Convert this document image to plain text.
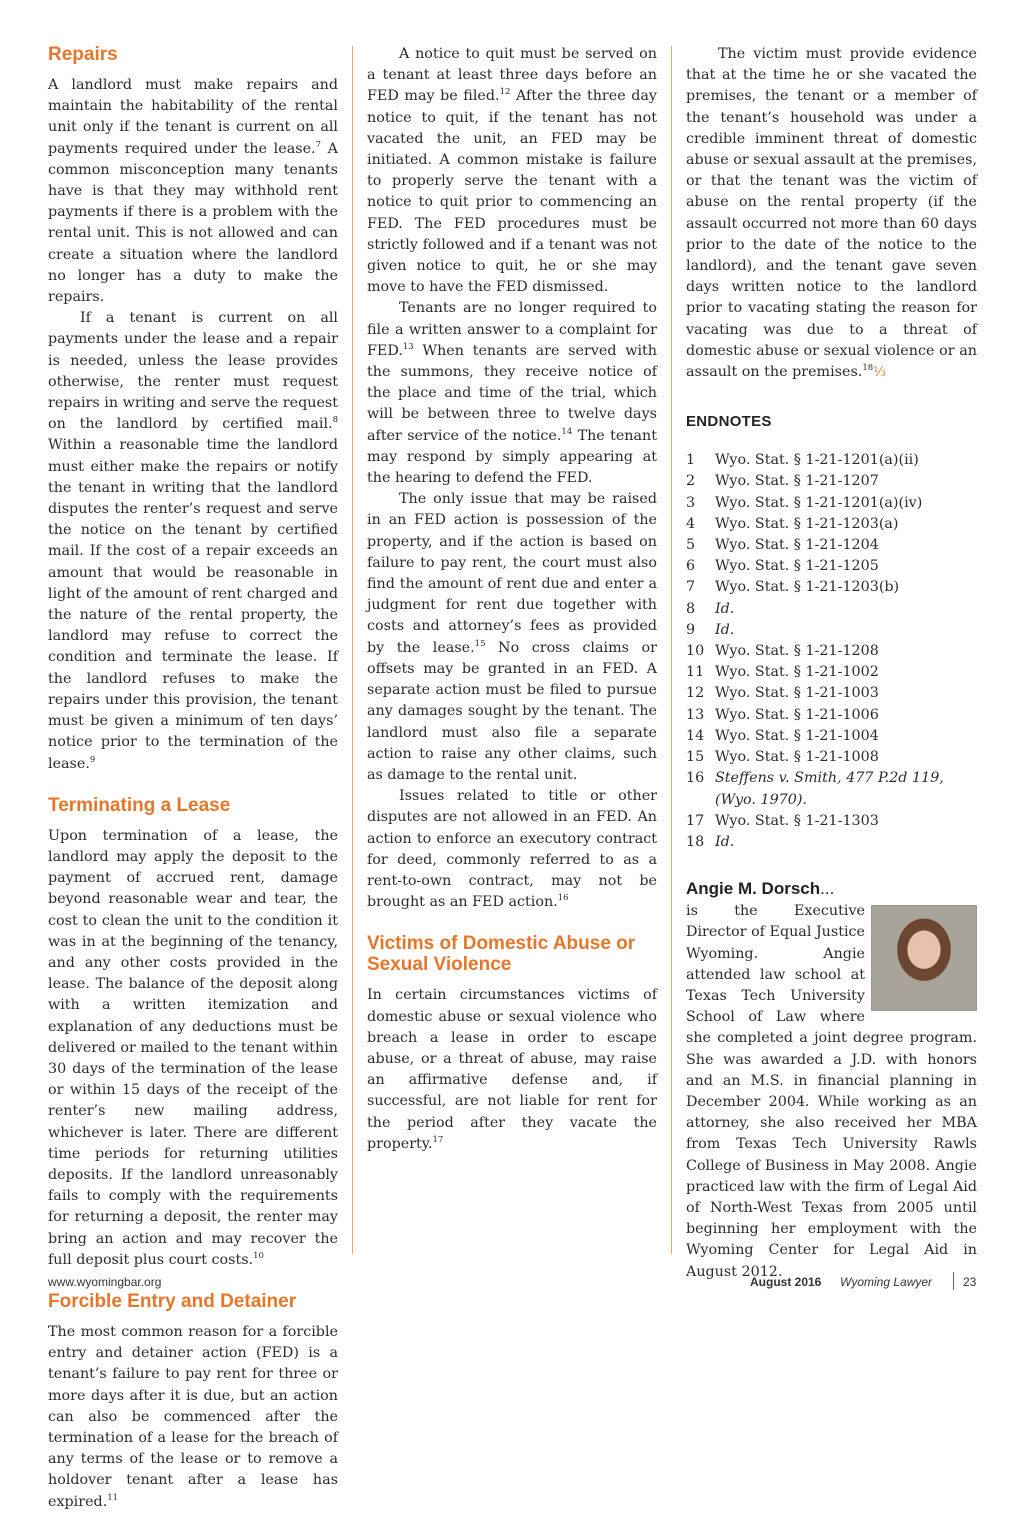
Repairs

A landlord must make repairs and maintain the habitability of the rental unit only if the tenant is current on all payments required under the lease.$^7$ A common misconception many tenants have is that they may withhold rent payments if there is a problem with the rental unit. This is not allowed and can create a situation where the landlord no longer has a duty to make the repairs.

If a tenant is current on all payments under the lease and a repair is needed, unless the lease provides otherwise, the renter must request repairs in writing and serve the request on the landlord by certified mail.$^8$ Within a reasonable time the landlord must either make the repairs or notify the tenant in writing that the landlord disputes the renter’s request and serve the notice on the tenant by certified mail. If the cost of a repair exceeds an amount that would be reasonable in light of the amount of rent charged and the nature of the rental property, the landlord may refuse to correct the condition and terminate the lease. If the landlord refuses to make the repairs under this provision, the tenant must be given a minimum of ten days’ notice prior to the termination of the lease.$^9$

Terminating a Lease

Upon termination of a lease, the landlord may apply the deposit to the payment of accrued rent, damage beyond reasonable wear and tear, the cost to clean the unit to the condition it was in at the beginning of the tenancy, and any other costs provided in the lease. The balance of the deposit along with a written itemization and explanation of any deductions must be delivered or mailed to the tenant within 30 days of the termination of the lease or within 15 days of the receipt of the renter’s new mailing address, whichever is later. There are different time periods for returning utilities deposits. If the landlord unreasonably fails to comply with the requirements for returning a deposit, the renter may bring an action and may recover the full deposit plus court costs.$^{10}$

Forcible Entry and Detainer

The most common reason for a forcible entry and detainer action (FED) is a tenant’s failure to pay rent for three or more days after it is due, but an action can also be commenced after the termination of a lease for the breach of any terms of the lease or to remove a holdover tenant after a lease has expired.$^{11}$

A notice to quit must be served on a tenant at least three days before an FED may be filed.$^{12}$ After the three day notice to quit, if the tenant has not vacated the unit, an FED may be initiated. A common mistake is failure to properly serve the tenant with a notice to quit prior to commencing an FED. The FED procedures must be strictly followed and if a tenant was not given notice to quit, he or she may move to have the FED dismissed.

Tenants are no longer required to file a written answer to a complaint for FED.$^{13}$ When tenants are served with the summons, they receive notice of the place and time of the trial, which will be between three to twelve days after service of the notice.$^{14}$ The tenant may respond by simply appearing at the hearing to defend the FED.

The only issue that may be raised in an FED action is possession of the property, and if the action is based on failure to pay rent, the court must also find the amount of rent due and enter a judgment for rent due together with costs and attorney’s fees as provided by the lease.$^{15}$ No cross claims or offsets may be granted in an FED. A separate action must be filed to pursue any damages sought by the tenant. The landlord must also file a separate action to raise any other claims, such as damage to the rental unit.

Issues related to title or other disputes are not allowed in an FED. An action to enforce an executory contract for deed, commonly referred to as a rent-to-own contract, may not be brought as an FED action.$^{16}$

Victims of Domestic Abuse or Sexual Violence

In certain circumstances victims of domestic abuse or sexual violence who breach a lease in order to escape abuse, or a threat of abuse, may raise an affirmative defense and, if successful, are not liable for rent for the period after they vacate the property.$^{17}$

The victim must provide evidence that at the time he or she vacated the premises, the tenant or a member of the tenant’s household was under a credible imminent threat of domestic abuse or sexual assault at the premises, or that the tenant was the victim of abuse on the rental property (if the assault occurred not more than 60 days prior to the date of the notice to the landlord), and the tenant gave seven days written notice to the landlord prior to vacating stating the reason for vacating was due to a threat of domestic abuse or sexual violence or an assault on the premises.$^{18}$⅓

ENDNOTES
1 Wyo. Stat. § 1-21-1201(a)(ii)
2 Wyo. Stat. § 1-21-1207
3 Wyo. Stat. § 1-21-1201(a)(iv)
4 Wyo. Stat. § 1-21-1203(a)
5 Wyo. Stat. § 1-21-1204
6 Wyo. Stat. § 1-21-1205
7 Wyo. Stat. § 1-21-1203(b)
8 Id.
9 Id.
10 Wyo. Stat. § 1-21-1208
11 Wyo. Stat. § 1-21-1002
12 Wyo. Stat. § 1-21-1003
13 Wyo. Stat. § 1-21-1006
14 Wyo. Stat. § 1-21-1004
15 Wyo. Stat. § 1-21-1008
16 Steffens v. Smith, 477 P.2d 119, (Wyo. 1970).
17 Wyo. Stat. § 1-21-1303
18 Id.
Angie M. Dorsch...

is the Executive Director of Equal Justice Wyoming. Angie attended law school at Texas Tech University School of Law where she completed a joint degree program. She was awarded a J.D. with honors and an M.S. in financial planning in December 2004. While working as an attorney, she also received her MBA from Texas Tech University Rawls College of Business in May 2008. Angie practiced law with the firm of Legal Aid of North-West Texas from 2005 until beginning her employment with the Wyoming Center for Legal Aid in August 2012.

www.wyomingbar.org	August 2016 Wyoming Lawyer	23
